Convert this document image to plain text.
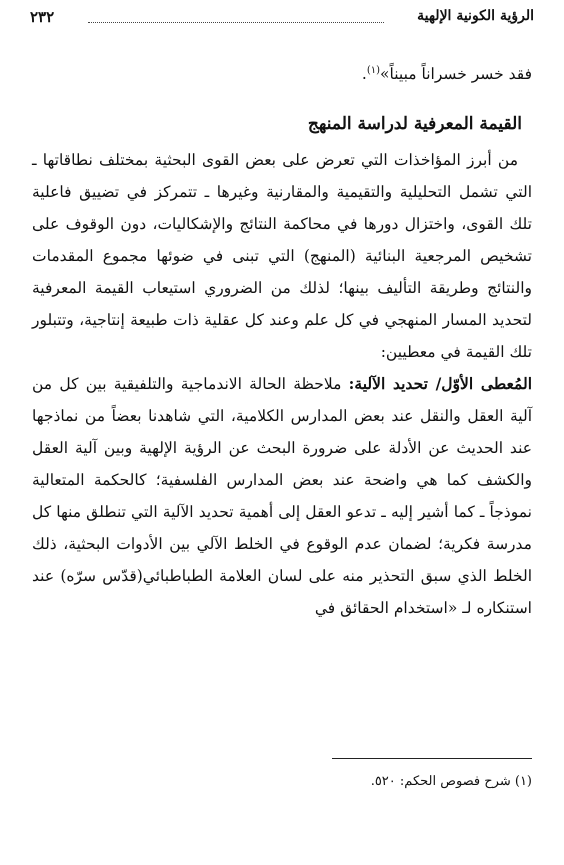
٢٣٢	الرؤية الكونية الإلهية

فقد خسر خسراناً مبيناً»$^{(١)}$.

القيمة المعرفية لدراسة المنهج

من أبرز المؤاخذات التي تعرض على بعض القوى البحثية بمختلف نطاقاتها ـ التي تشمل التحليلية والتقيمية والمقارنية وغيرها ـ تتمركز في تضييق فاعلية تلك القوى، واختزال دورها في محاكمة النتائج والإشكاليات، دون الوقوف على تشخيص المرجعية البنائية (المنهج) التي تبنى في ضوئها مجموع المقدمات والنتائج وطريقة التأليف بينها؛ لذلك من الضروري استيعاب القيمة المعرفية لتحديد المسار المنهجي في كل علم وعند كل عقلية ذات طبيعة إنتاجية، وتتبلور تلك القيمة في معطيين:

المُعطى الأوّل/ تحديد الآلية: ملاحظة الحالة الاندماجية والتلفيقية بين كل من آلية العقل والنقل عند بعض المدارس الكلامية، التي شاهدنا بعضاً من نماذجها عند الحديث عن الأدلة على ضرورة البحث عن الرؤية الإلهية وبين آلية العقل والكشف كما هي واضحة عند بعض المدارس الفلسفية؛ كالحكمة المتعالية نموذجاً ـ كما أشير إليه ـ تدعو العقل إلى أهمية تحديد الآلية التي تنطلق منها كل مدرسة فكرية؛ لضمان عدم الوقوع في الخلط الآلي بين الأدوات البحثية، ذلك الخلط الذي سبق التحذير منه على لسان العلامة الطباطبائي(قدّس سرّه) عند استنكاره لـ «استخدام الحقائق في

(١) شرح فصوص الحكم: ٥٢٠.
